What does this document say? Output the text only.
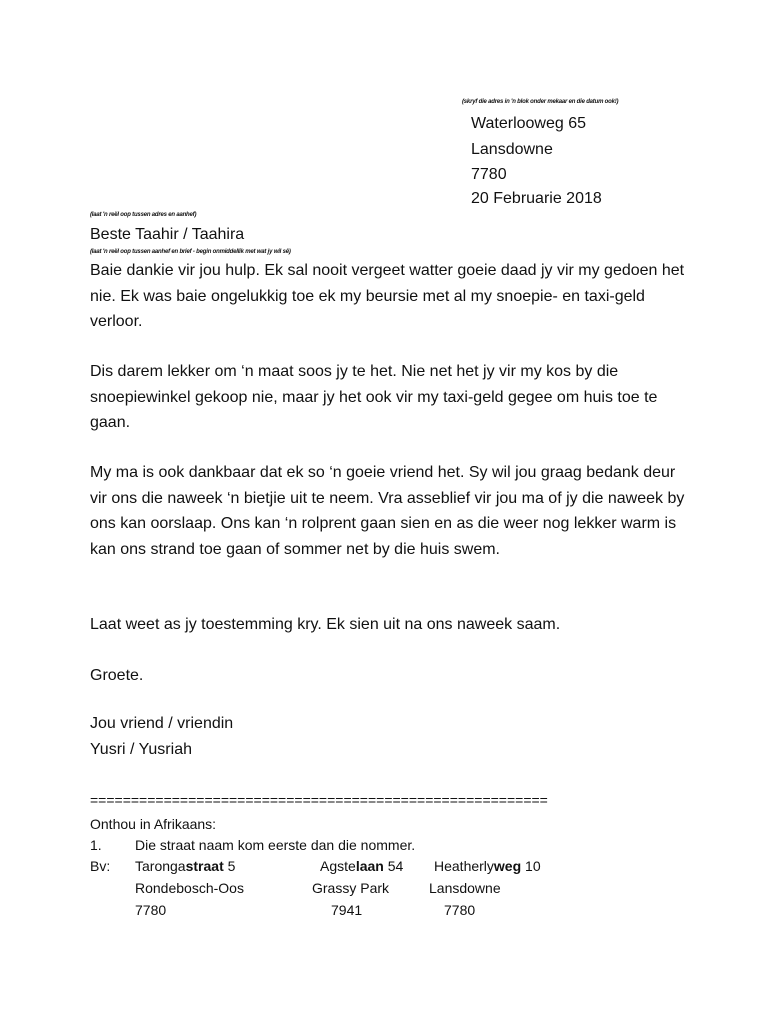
(skryf die adres in 'n blok onder mekaar en die datum ook!)
Waterlooweg 65
Lansdowne
7780
20 Februarie 2018
(laat 'n reël oop tussen adres en aanhef)
Beste Taahir / Taahira
(laat 'n reël oop tussen aanhef en brief - begin onmiddellik met wat jy wil sê)

Baie dankie vir jou hulp. Ek sal nooit vergeet watter goeie daad jy vir my gedoen het nie. Ek was baie ongelukkig toe ek my beursie met al my snoepie- en taxi-geld verloor.

Dis darem lekker om ‘n maat soos jy te het. Nie net het jy vir my kos by die snoepiewinkel gekoop nie, maar jy het ook vir my taxi-geld gegee om huis toe te gaan.

My ma is ook dankbaar dat ek so ‘n goeie vriend het. Sy wil jou graag bedank deur vir ons die naweek ‘n bietjie uit te neem. Vra asseblief vir jou ma of jy die naweek by ons kan oorslaap. Ons kan ‘n rolprent gaan sien en as die weer nog lekker warm is kan ons strand toe gaan of sommer net by die huis swem.

Laat weet as jy toestemming kry. Ek sien uit na ons naweek saam.

Groete.
Jou vriend / vriendin
Yusri / Yusriah
========================================================
Onthou in Afrikaans:
1. Die straat naam kom eerste dan die nommer.
Bv: Tarongastraat 5
Rondebosch-Oos
7780
Agstelaan 54
Grassy Park
7941
Heatherlyweg 10
Lansdowne
7780
